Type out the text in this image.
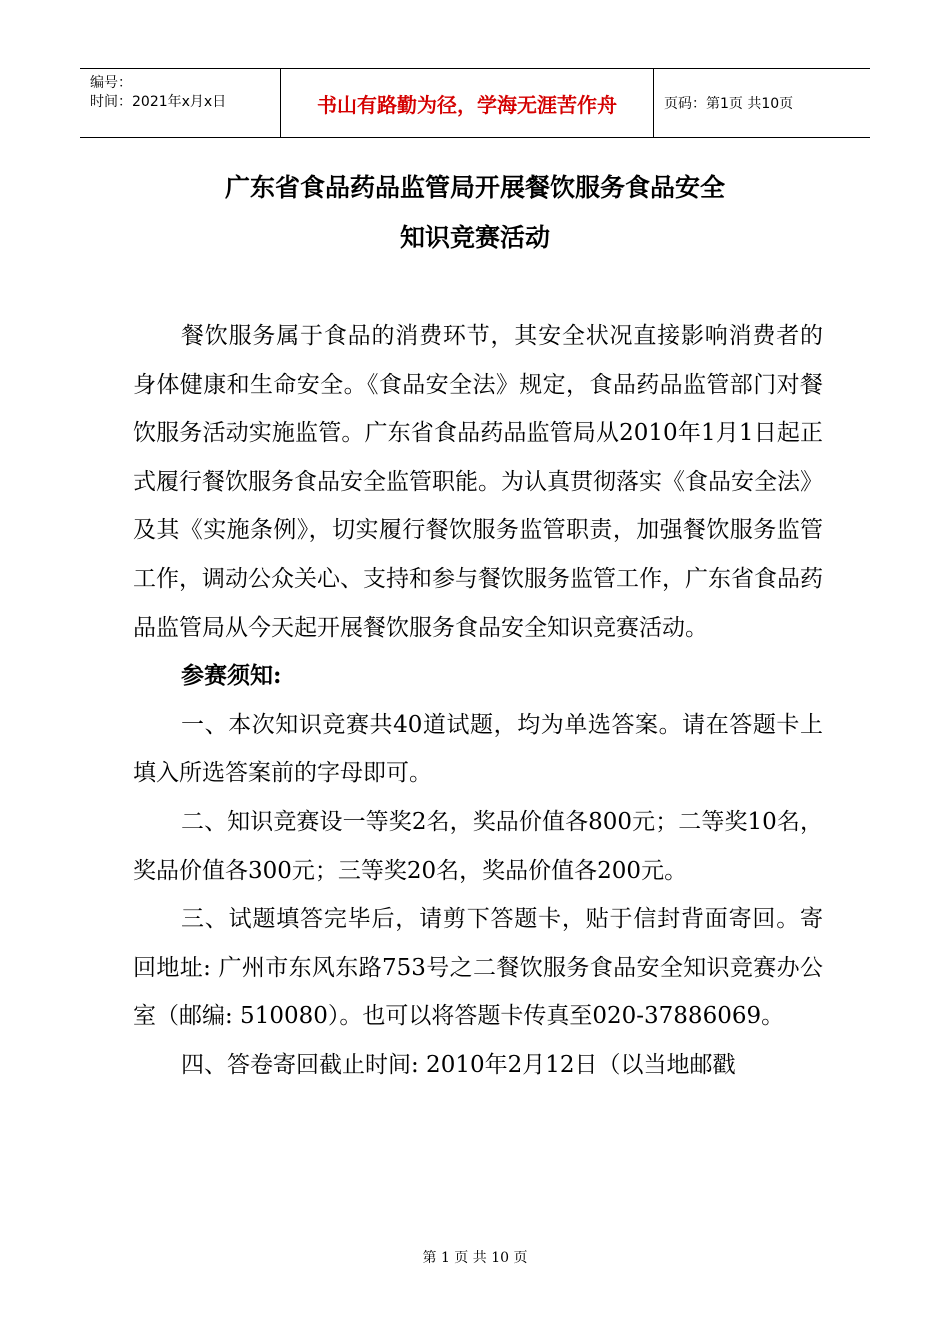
编号：
时间：2021年x月x日	书山有路勤为径，学海无涯苦作舟	页码：第1页 共10页
广东省食品药品监管局开展餐饮服务食品安全
知识竞赛活动

餐饮服务属于食品的消费环节，其安全状况直接影响消费者的身体健康和生命安全。《食品安全法》规定，食品药品监管部门对餐饮服务活动实施监管。广东省食品药品监管局从2010年1月1日起正式履行餐饮服务食品安全监管职能。为认真贯彻落实《食品安全法》及其《实施条例》，切实履行餐饮服务监管职责，加强餐饮服务监管工作，调动公众关心、支持和参与餐饮服务监管工作，广东省食品药品监管局从今天起开展餐饮服务食品安全知识竞赛活动。

参赛须知:

一、本次知识竞赛共40道试题，均为单选答案。请在答题卡上填入所选答案前的字母即可。

二、知识竞赛设一等奖2名，奖品价值各800元；二等奖10名，奖品价值各300元；三等奖20名，奖品价值各200元。

三、试题填答完毕后，请剪下答题卡，贴于信封背面寄回。寄回地址: 广州市东风东路753号之二餐饮服务食品安全知识竞赛办公室（邮编: 510080）。也可以将答题卡传真至020-37886069。

四、答卷寄回截止时间: 2010年2月12日（以当地邮戳

第 1 页 共 10 页
